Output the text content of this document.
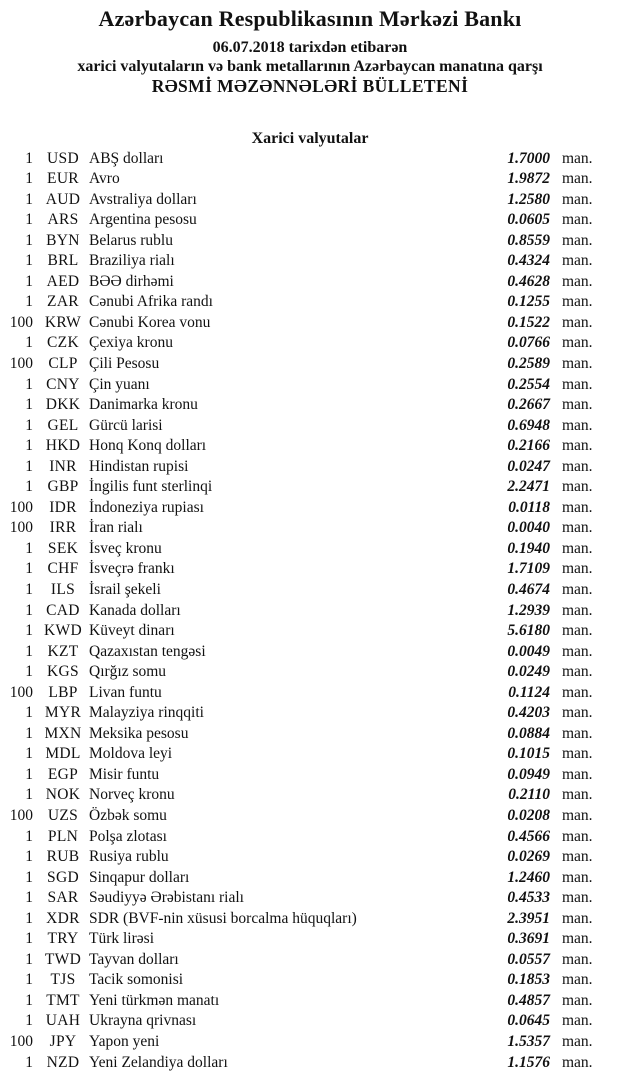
Azərbaycan Respublikasının Mərkəzi Bankı
06.07.2018 tarixdən etibarən
xarici valyutaların və bank metallarının Azərbaycan manatına qarşı
RƏSMİ MƏZƏNNƏLƏRİ BÜLLETENİ
Xarici valyutalar
1 USD ABŞ dolları	1.7000 man.
1 EUR Avro	1.9872 man.
1 AUD Avstraliya dolları	1.2580 man.
1 ARS Argentina pesosu	0.0605 man.
1 BYN Belarus rublu	0.8559 man.
1 BRL Braziliya rialı	0.4324 man.
1 AED BƏƏ dirhəmi	0.4628 man.
1 ZAR Cənubi Afrika randı	0.1255 man.
100 KRW Cənubi Korea vonu	0.1522 man.
1 CZK Çexiya kronu	0.0766 man.
100 CLP Çili Pesosu	0.2589 man.
1 CNY Çin yuanı	0.2554 man.
1 DKK Danimarka kronu	0.2667 man.
1 GEL Gürcü larisi	0.6948 man.
1 HKD Honq Konq dolları	0.2166 man.
1	INR Hindistan rupisi	0.0247 man.
1 GBP İngilis funt sterlinqi	2.2471 man.
100	IDR İndoneziya rupiası	0.0118 man.
100	IRR İran rialı	0.0040 man.
1 SEK İsveç kronu	0.1940 man.
1 CHF İsveçrə frankı	1.7109 man.
1	ILS İsrail şekeli	0.4674 man.
1 CAD Kanada dolları	1.2939 man.
1 KWD Küveyt dinarı	5.6180 man.
1 KZT Qazaxıstan tengəsi	0.0049 man.
1 KGS Qırğız somu	0.0249 man.
100 LBP Livan funtu	0.1124 man.
1 MYR Malayziya rinqqiti	0.4203 man.
1 MXN Meksika pesosu	0.0884 man.
1 MDL Moldova leyi	0.1015 man.
1 EGP Misir funtu	0.0949 man.
1 NOK Norveç kronu	0.2110 man.
100 UZS Özbək somu	0.0208 man.
1 PLN Polşa zlotası	0.4566 man.
1 RUB Rusiya rublu	0.0269 man.
1 SGD Sinqapur dolları	1.2460 man.
1 SAR Səudiyyə Ərəbistanı rialı	0.4533 man.
1 XDR SDR (BVF-nin xüsusi borcalma hüquqları)	2.3951 man.
1 TRY Türk lirəsi	0.3691 man.
1 TWD Tayvan dolları	0.0557 man.
1	TJS Tacik somonisi	0.1853 man.
1 TMT Yeni türkmən manatı	0.4857 man.
1 UAH Ukrayna qrivnası	0.0645 man.
100	JPY Yapon yeni	1.5357 man.
1 NZD Yeni Zelandiya dolları	1.1576 man.
